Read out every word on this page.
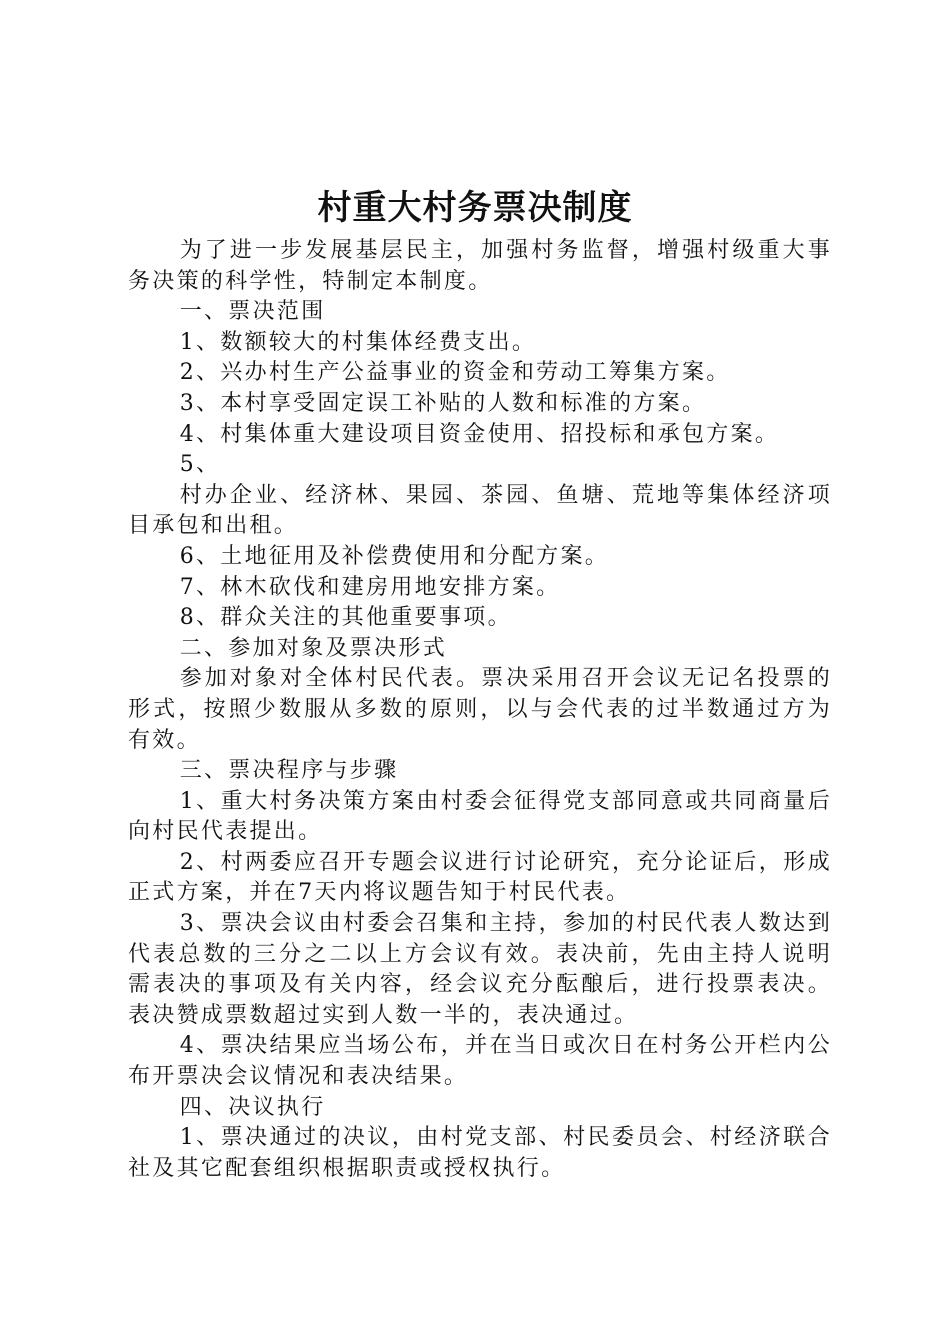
村重大村务票决制度

为了进一步发展基层民主，加强村务监督，增强村级重大事务决策的科学性，特制定本制度。

一、票决范围

1、数额较大的村集体经费支出。

2、兴办村生产公益事业的资金和劳动工筹集方案。

3、本村享受固定误工补贴的人数和标准的方案。

4、村集体重大建设项目资金使用、招投标和承包方案。

5、

村办企业、经济林、果园、茶园、鱼塘、荒地等集体经济项目承包和出租。

6、土地征用及补偿费使用和分配方案。

7、林木砍伐和建房用地安排方案。

8、群众关注的其他重要事项。

二、参加对象及票决形式

参加对象对全体村民代表。票决采用召开会议无记名投票的形式，按照少数服从多数的原则，以与会代表的过半数通过方为有效。

三、票决程序与步骤

1、重大村务决策方案由村委会征得党支部同意或共同商量后向村民代表提出。

2、村两委应召开专题会议进行讨论研究，充分论证后，形成正式方案，并在7天内将议题告知于村民代表。

3、票决会议由村委会召集和主持，参加的村民代表人数达到代表总数的三分之二以上方会议有效。表决前，先由主持人说明需表决的事项及有关内容，经会议充分酝酿后，进行投票表决。表决赞成票数超过实到人数一半的，表决通过。

4、票决结果应当场公布，并在当日或次日在村务公开栏内公布开票决会议情况和表决结果。

四、决议执行

1、票决通过的决议，由村党支部、村民委员会、村经济联合社及其它配套组织根据职责或授权执行。
